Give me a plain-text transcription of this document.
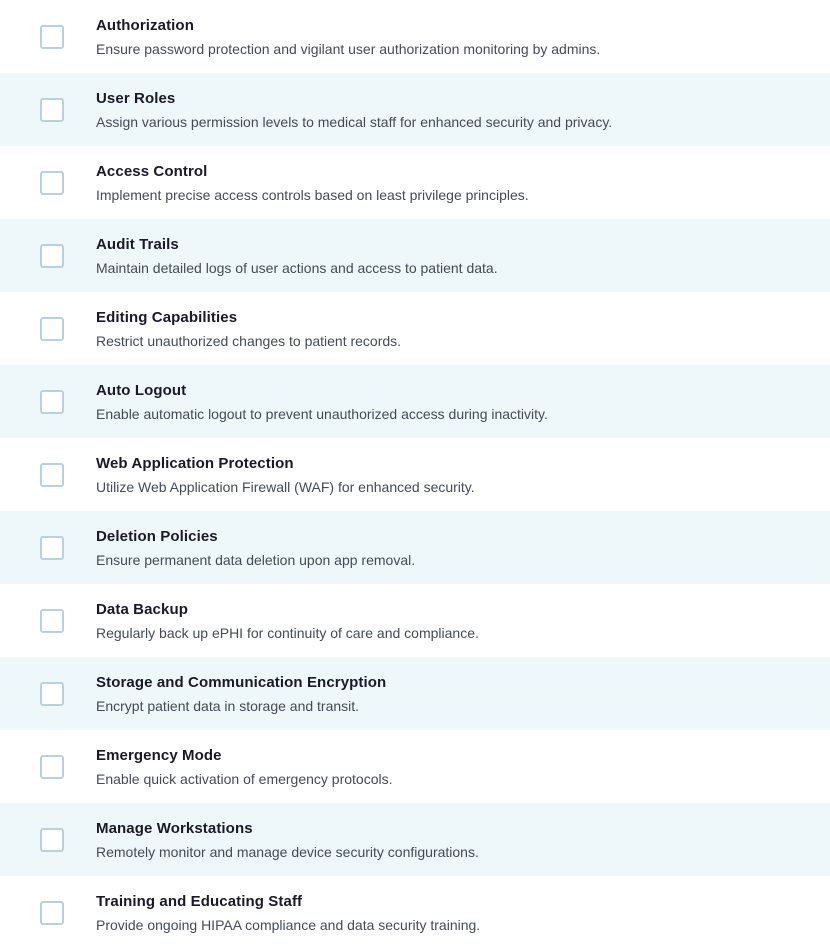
Authorization
Ensure password protection and vigilant user authorization monitoring by admins.
User Roles
Assign various permission levels to medical staff for enhanced security and privacy.
Access Control
Implement precise access controls based on least privilege principles.
Audit Trails
Maintain detailed logs of user actions and access to patient data.
Editing Capabilities
Restrict unauthorized changes to patient records.
Auto Logout
Enable automatic logout to prevent unauthorized access during inactivity.
Web Application Protection
Utilize Web Application Firewall (WAF) for enhanced security.
Deletion Policies
Ensure permanent data deletion upon app removal.
Data Backup
Regularly back up ePHI for continuity of care and compliance.
Storage and Communication Encryption
Encrypt patient data in storage and transit.
Emergency Mode
Enable quick activation of emergency protocols.
Manage Workstations
Remotely monitor and manage device security configurations.
Training and Educating Staff
Provide ongoing HIPAA compliance and data security training.
